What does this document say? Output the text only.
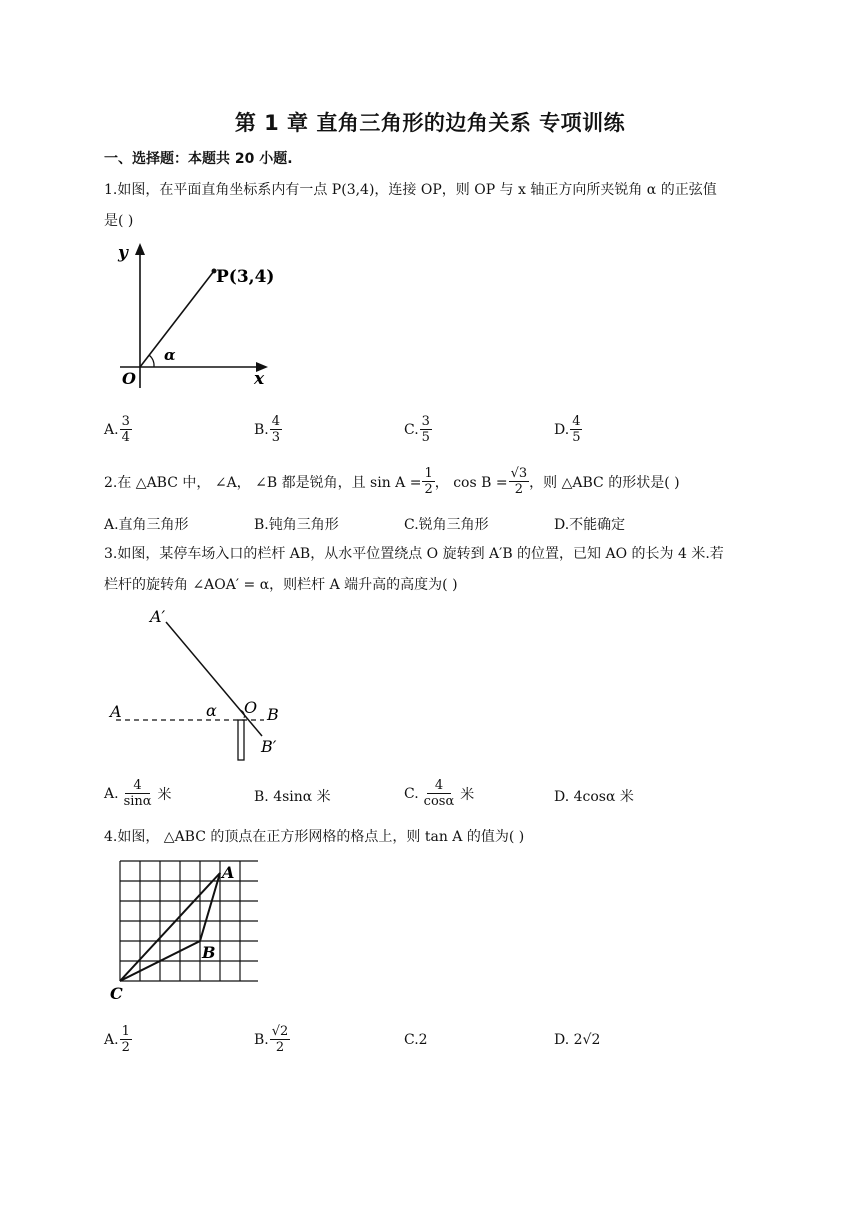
第 1 章 直角三角形的边角关系 专项训练
一、选择题：本题共 20 小题.
1.如图，在平面直角坐标系内有一点 P(3,4)，连接 OP，则 OP 与 x 轴正方向所夹锐角 α 的正弦值
是( )
y
x
O
P(3,4)
α
A. $\frac{3}{4}$	B. $\frac{4}{3}$	C. $\frac{3}{5}$	D. $\frac{4}{5}$
2.在 △ABC 中， ∠A， ∠B 都是锐角，且 $\sin A = \frac{1}{2}$ ， $\cos B = \frac{√3}{2}$ ，则 △ABC 的形状是( )
A.直角三角形	B.钝角三角形	C.锐角三角形	D.不能确定
3.如图，某停车场入口的栏杆 AB，从水平位置绕点 O 旋转到 A′B 的位置，已知 AO 的长为 4 米.若
栏杆的旋转角 ∠AOA′ = α，则栏杆 A 端升高的高度为( )
A′
A	α O B
B′
A. $\frac{4}{\sin\alpha}$ 米	B. 4sinα 米	C. $\frac{4}{\cos\alpha}$ 米	D. 4cosα 米
4.如图， △ABC 的顶点在正方形网格的格点上，则 tan A 的值为( )
A
B
C
A. $\frac{1}{2}$	B. $\frac{√2}{2}$	C.2	D. 2√2
